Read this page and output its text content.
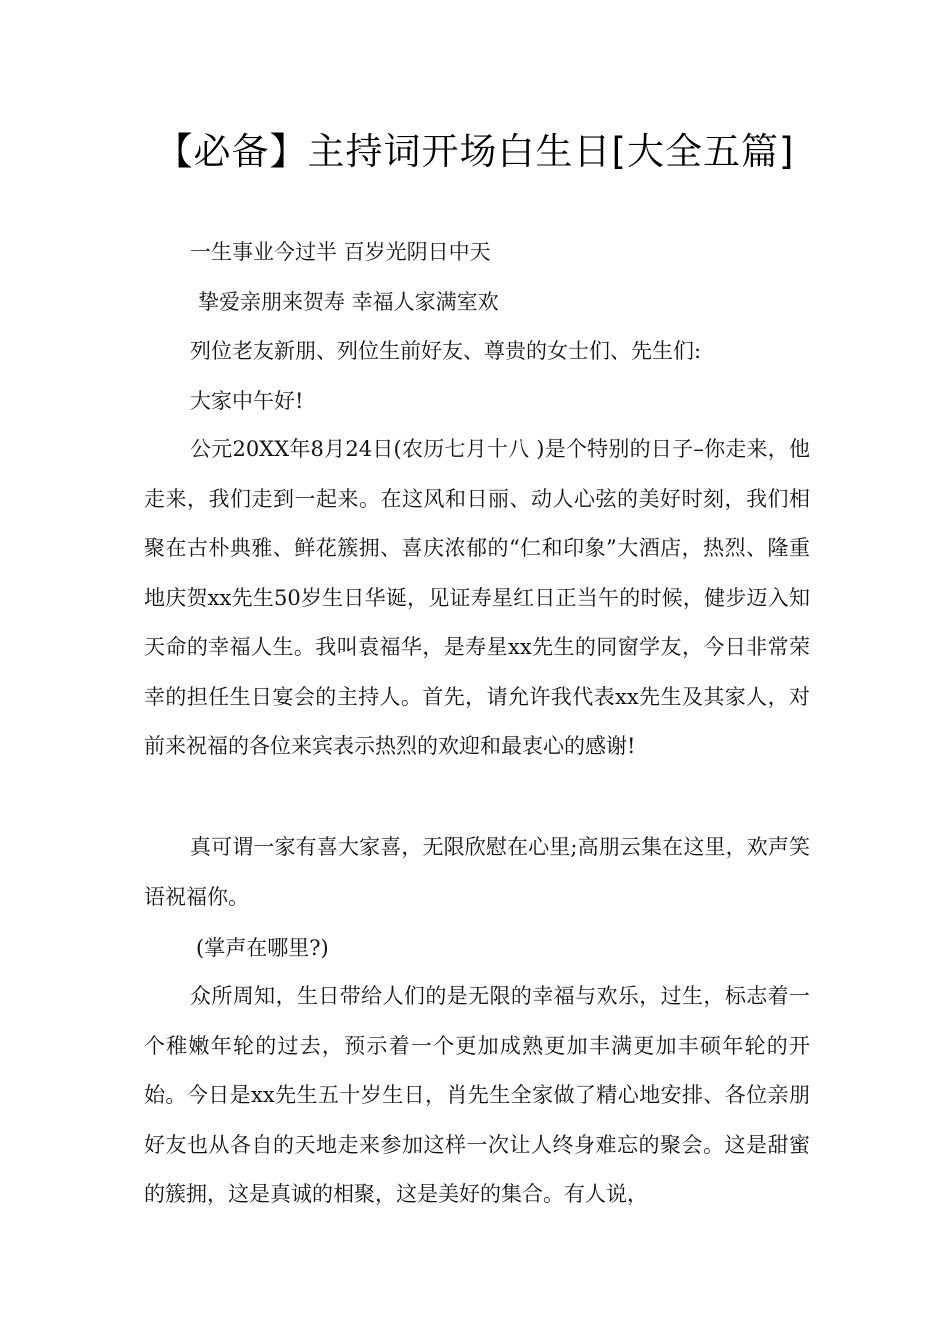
【必备】主持词开场白生日[大全五篇]
一生事业今过半 百岁光阴日中天
挚爱亲朋来贺寿 幸福人家满室欢
列位老友新朋、列位生前好友、尊贵的女士们、先生们:
大家中午好!

公元20XX年8月24日(农历七月十八 )是个特别的日子–你走来，他走来，我们走到一起来。在这风和日丽、动人心弦的美好时刻，我们相聚在古朴典雅、鲜花簇拥、喜庆浓郁的“仁和印象”大酒店，热烈、隆重地庆贺xx先生50岁生日华诞，见证寿星红日正当午的时候，健步迈入知天命的幸福人生。我叫袁福华，是寿星xx先生的同窗学友，今日非常荣幸的担任生日宴会的主持人。首先，请允许我代表xx先生及其家人，对前来祝福的各位来宾表示热烈的欢迎和最衷心的感谢!

真可谓一家有喜大家喜，无限欣慰在心里;高朋云集在这里，欢声笑语祝福你。

(掌声在哪里?)

众所周知，生日带给人们的是无限的幸福与欢乐，过生，标志着一个稚嫩年轮的过去，预示着一个更加成熟更加丰满更加丰硕年轮的开始。今日是xx先生五十岁生日，肖先生全家做了精心地安排、各位亲朋好友也从各自的天地走来参加这样一次让人终身难忘的聚会。这是甜蜜的簇拥，这是真诚的相聚，这是美好的集合。有人说，
